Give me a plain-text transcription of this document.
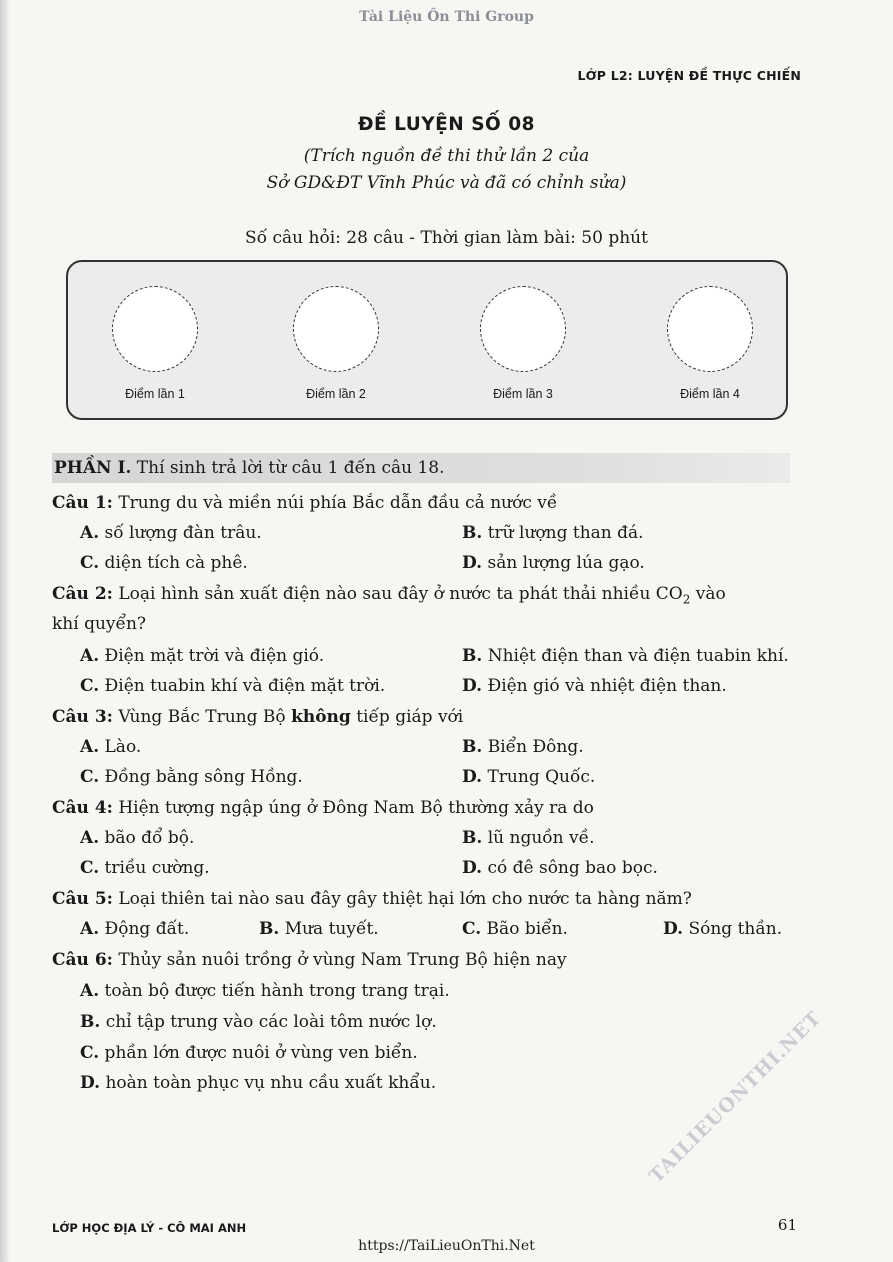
Tài Liệu Ôn Thi Group
LỚP L2: LUYỆN ĐỀ THỰC CHIẾN
ĐỀ LUYỆN SỐ 08
(Trích nguồn đề thi thử lần 2 của
Sở GD&ĐT Vĩnh Phúc và đã có chỉnh sửa)
Số câu hỏi: 28 câu - Thời gian làm bài: 50 phút
Điểm lần 1	Điểm lần 2	Điểm lần 3	Điểm lần 4
PHẦN I. Thí sinh trả lời từ câu 1 đến câu 18.
Câu 1: Trung du và miền núi phía Bắc dẫn đầu cả nước về
A. số lượng đàn trâu.	B. trữ lượng than đá.
C. diện tích cà phê.	D. sản lượng lúa gạo.
Câu 2: Loại hình sản xuất điện nào sau đây ở nước ta phát thải nhiều $CO_2$ vào
khí quyển?
A. Điện mặt trời và điện gió.	B. Nhiệt điện than và điện tuabin khí.
C. Điện tuabin khí và điện mặt trời.	D. Điện gió và nhiệt điện than.
Câu 3: Vùng Bắc Trung Bộ không tiếp giáp với
A. Lào.	B. Biển Đông.
C. Đồng bằng sông Hồng.	D. Trung Quốc.
Câu 4: Hiện tượng ngập úng ở Đông Nam Bộ thường xảy ra do
A. bão đổ bộ.	B. lũ nguồn về.
C. triều cường.	D. có đê sông bao bọc.
Câu 5: Loại thiên tai nào sau đây gây thiệt hại lớn cho nước ta hàng năm?
A. Động đất.	B. Mưa tuyết.	C. Bão biển.	D. Sóng thần.
Câu 6: Thủy sản nuôi trồng ở vùng Nam Trung Bộ hiện nay
A. toàn bộ được tiến hành trong trang trại.
B. chỉ tập trung vào các loài tôm nước lợ.
C. phần lớn được nuôi ở vùng ven biển.
D. hoàn toàn phục vụ nhu cầu xuất khẩu.	TAILIEUONTHI.NET
LỚP HỌC ĐỊA LÝ - CÔ MAI ANH	61
https://TaiLieuOnThi.Net
